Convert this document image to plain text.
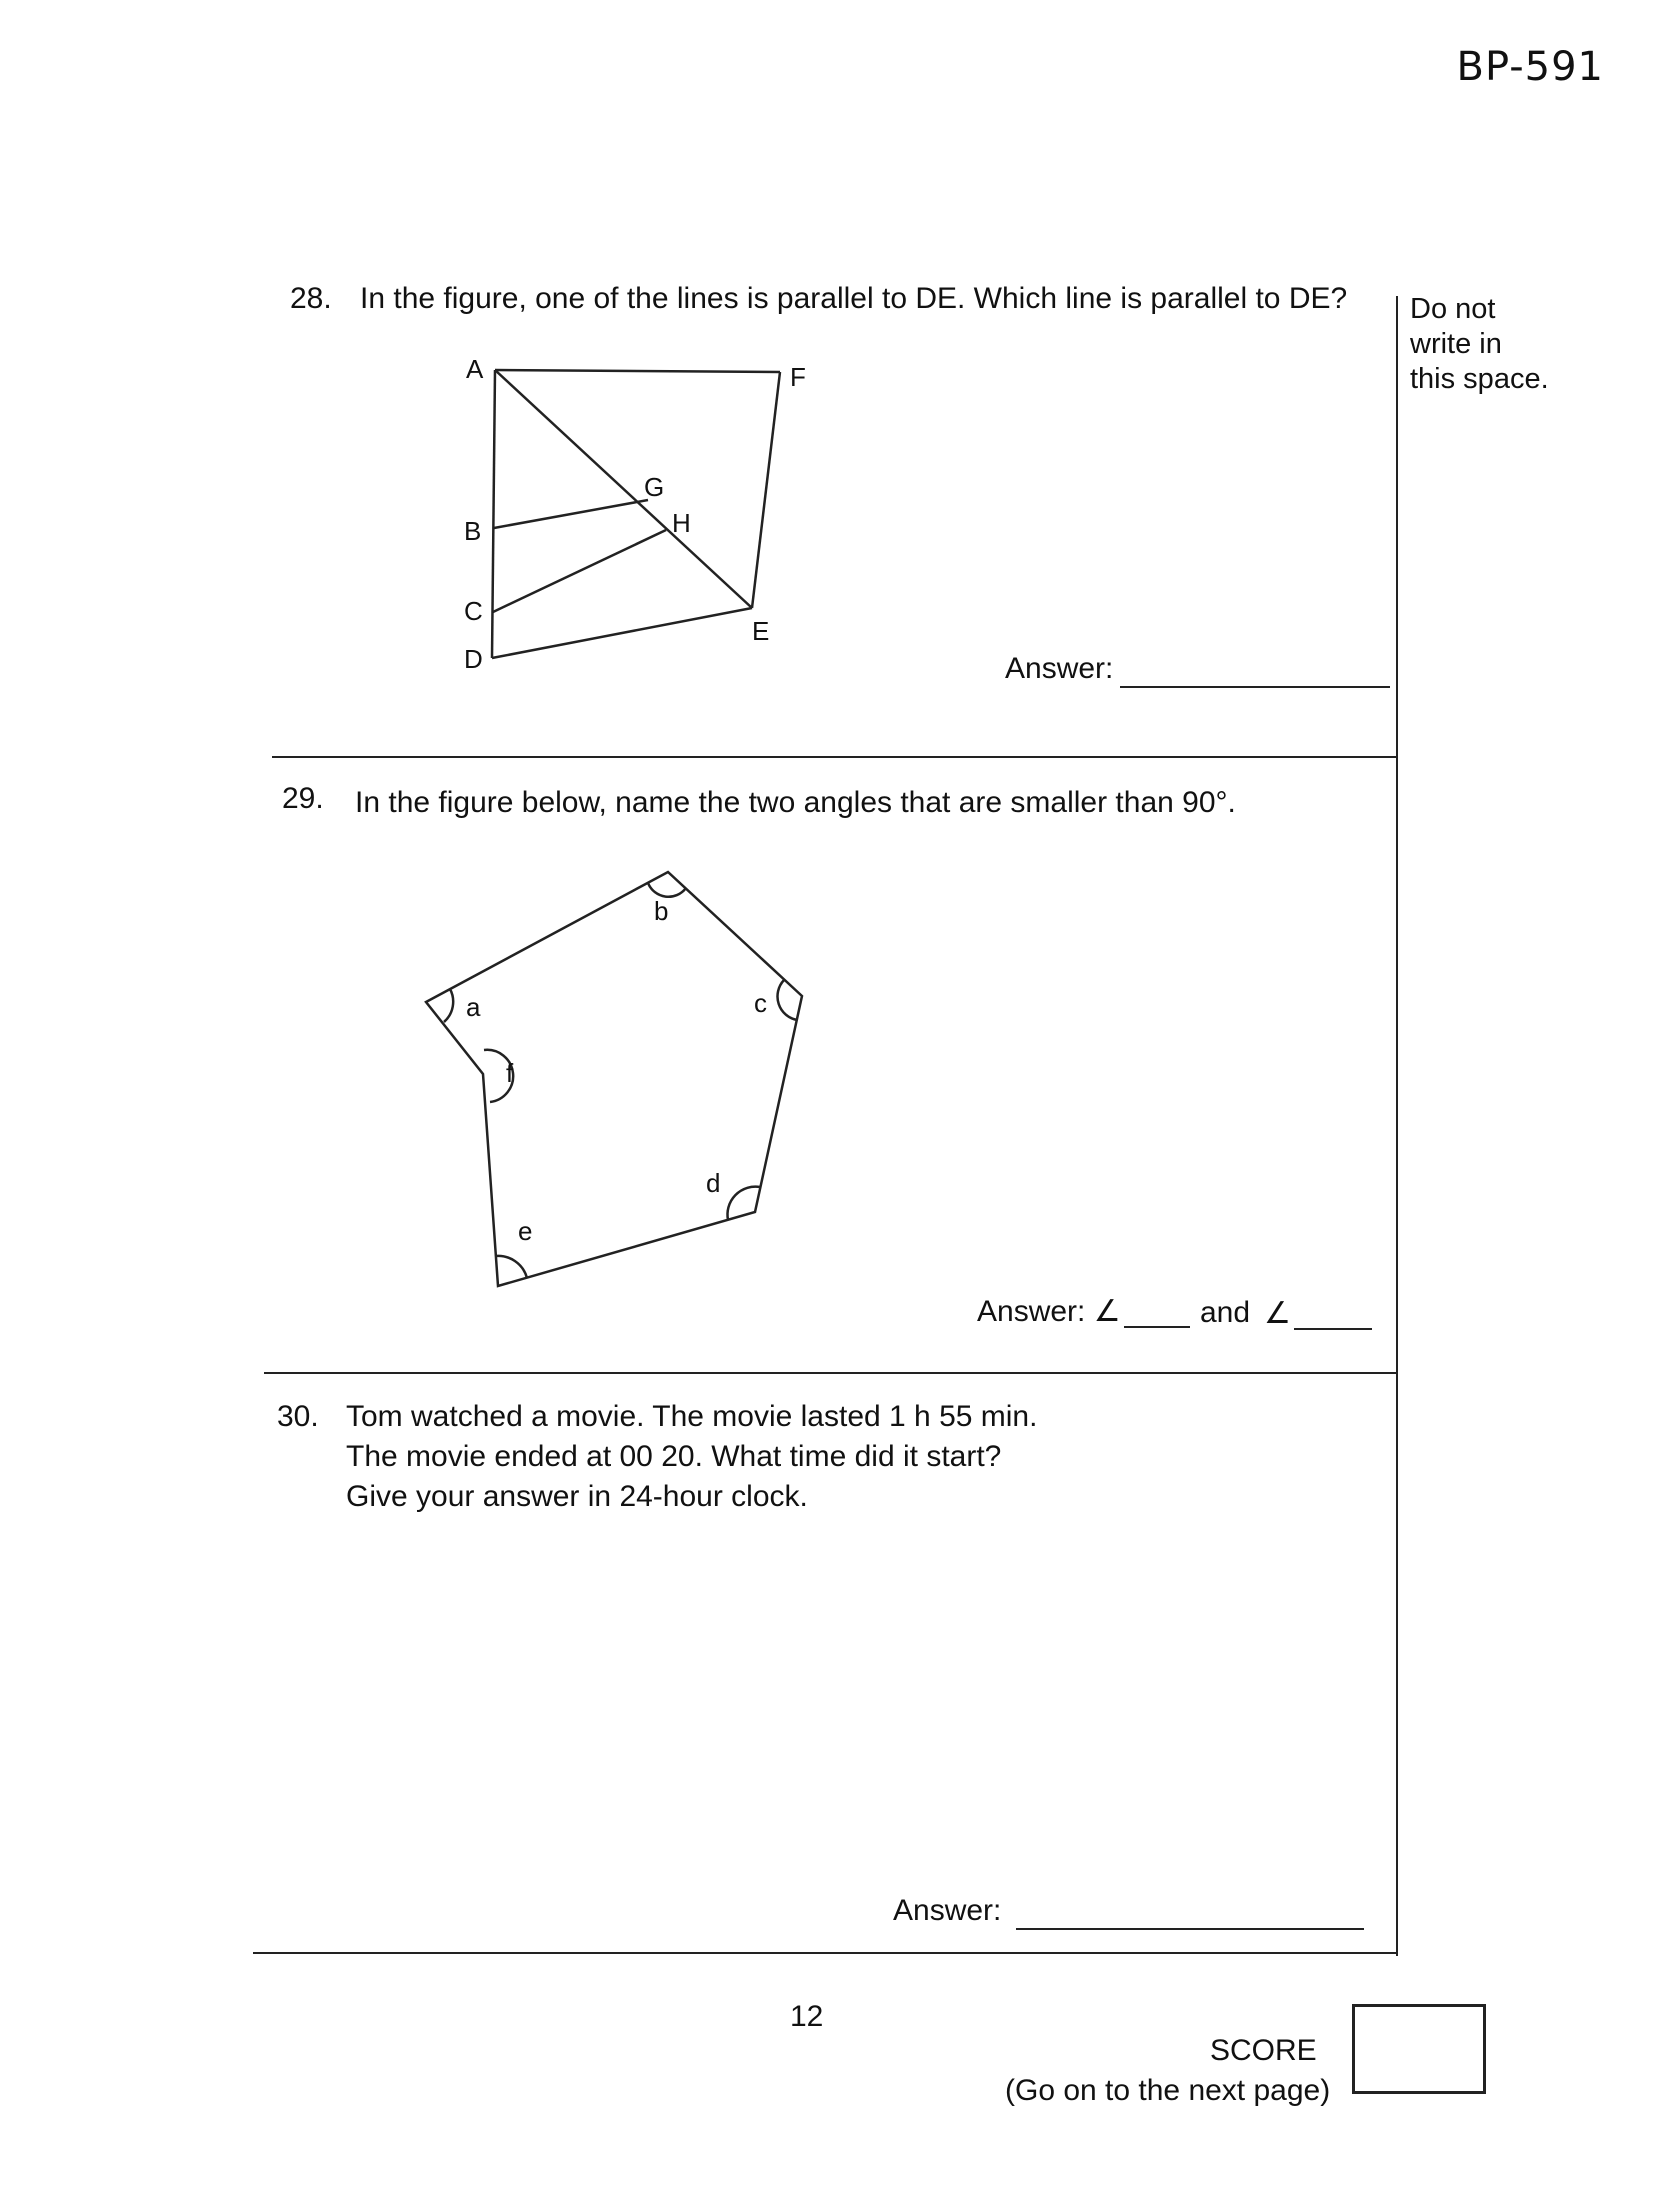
BP-591
Do not write in this space.
28. In the figure, one of the lines is parallel to DE. Which line is parallel to DE?
A	F
G
H
B
C
E
D	Answer:
29. In the figure below, name the two angles that are smaller than 90°.
a
b
c
d
e
f
Answer: ∠	and ∠
30. Tom watched a movie. The movie lasted 1 h 55 min.
The movie ended at 00 20. What time did it start?
Give your answer in 24-hour clock.
Answer:
12
SCORE
(Go on to the next page)
